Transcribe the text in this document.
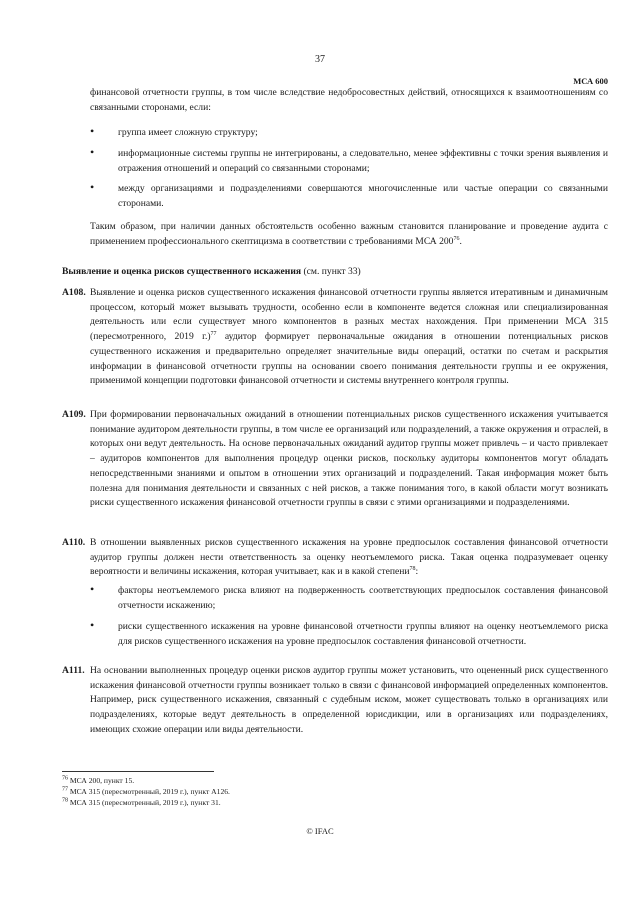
37
МСА 600

финансовой отчетности группы, в том числе вследствие недобросовестных действий, относящихся к взаимоотношениям со связанными сторонами, если:

• группа имеет сложную структуру;
• информационные системы группы не интегрированы, а следовательно, менее эффективны с точки зрения выявления и отражения отношений и операций со связанными сторонами;
• между организациями и подразделениями совершаются многочисленные или частые операции со связанными сторонами.
Таким образом, при наличии данных обстоятельств особенно важным становится планирование и проведение аудита с применением профессионального скептицизма в соответствии с требованиями МСА $200^{76}$.
Выявление и оценка рисков существенного искажения (см. пункт 33)
A108. Выявление и оценка рисков существенного искажения финансовой отчетности группы является итеративным и динамичным процессом, который может вызывать трудности, особенно если в компоненте ведется сложная или специализированная деятельность или если существует много компонентов в разных местах нахождения. При применении МСА 315 (пересмотренного, 2019 г.)$^{77}$ аудитор формирует первоначальные ожидания в отношении потенциальных рисков существенного искажения и предварительно определяет значительные виды операций, остатки по счетам и раскрытия информации в финансовой отчетности группы на основании своего понимания деятельности группы и ее окружения, применимой концепции подготовки финансовой отчетности и системы внутреннего контроля группы.
A109. При формировании первоначальных ожиданий в отношении потенциальных рисков существенного искажения учитывается понимание аудитором деятельности группы, в том числе ее организаций или подразделений, а также окружения и отраслей, в которых они ведут деятельность. На основе первоначальных ожиданий аудитор группы может привлечь – и часто привлекает – аудиторов компонентов для выполнения процедур оценки рисков, поскольку аудиторы компонентов могут обладать непосредственными знаниями и опытом в отношении этих организаций и подразделений. Такая информация может быть полезна для понимания деятельности и связанных с ней рисков, а также понимания того, в какой области могут возникать риски существенного искажения финансовой отчетности группы в связи с этими организациями и подразделениями.
A110. В отношении выявленных рисков существенного искажения на уровне предпосылок составления финансовой отчетности аудитор группы должен нести ответственность за оценку неотъемлемого риска. Такая оценка подразумевает оценку вероятности и величины искажения, которая учитывает, как и в какой степени$^{78}$:
• факторы неотъемлемого риска влияют на подверженность соответствующих предпосылок составления финансовой отчетности искажению;
• риски существенного искажения на уровне финансовой отчетности группы влияют на оценку неотъемлемого риска для рисков существенного искажения на уровне предпосылок составления финансовой отчетности.
A111. На основании выполненных процедур оценки рисков аудитор группы может установить, что оцененный риск существенного искажения финансовой отчетности группы возникает только в связи с финансовой информацией определенных компонентов. Например, риск существенного искажения, связанный с судебным иском, может существовать только в организациях или подразделениях, которые ведут деятельность в определенной юрисдикции, или в организациях или подразделениях, имеющих схожие операции или виды деятельности.
$^{76}$ МСА 200, пункт 15.
$^{77}$ МСА 315 (пересмотренный, 2019 г.), пункт A126.
$^{78}$ МСА 315 (пересмотренный, 2019 г.), пункт 31.
© IFAC
